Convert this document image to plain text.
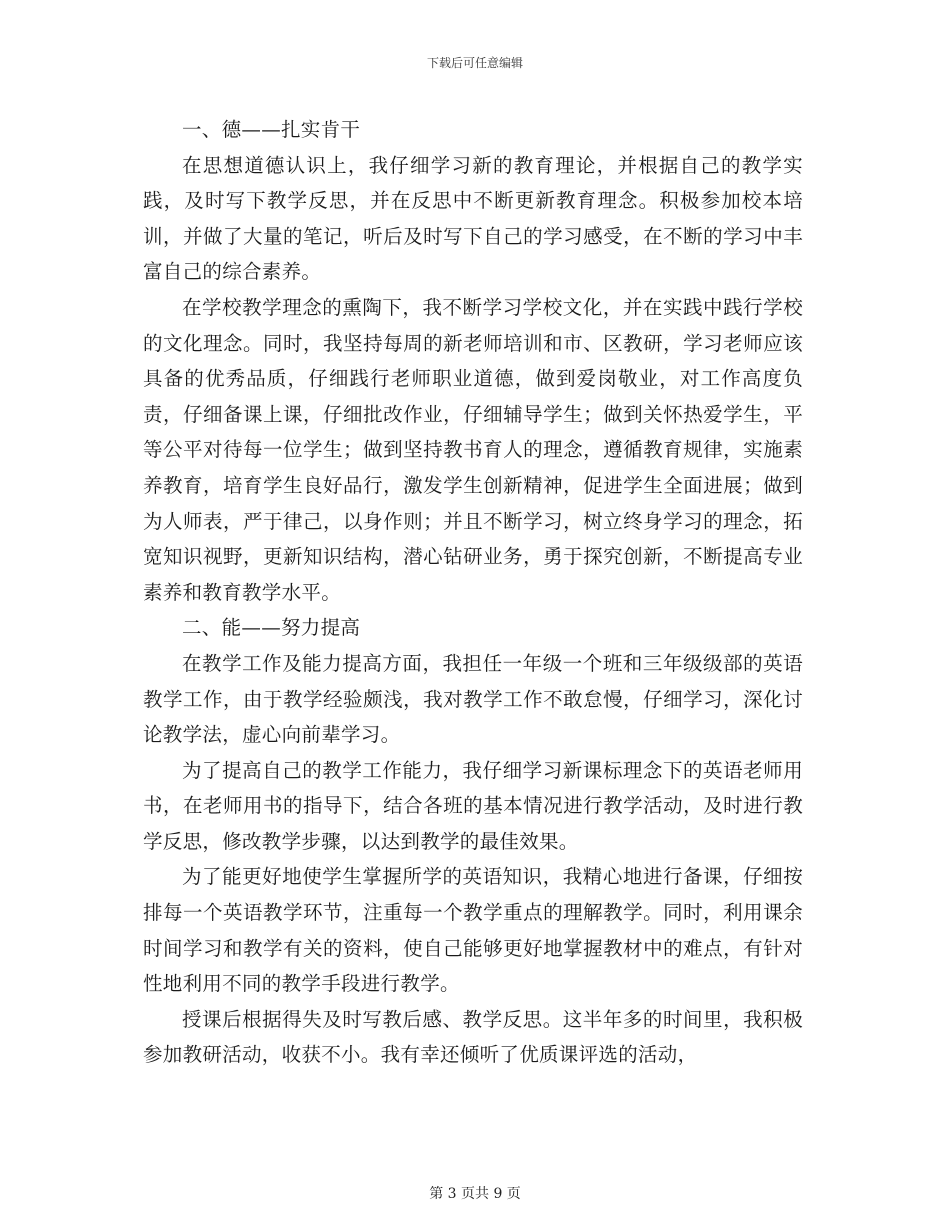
下载后可任意编辑

一、德——扎实肯干

在思想道德认识上，我仔细学习新的教育理论，并根据自己的教学实践，及时写下教学反思，并在反思中不断更新教育理念。积极参加校本培训，并做了大量的笔记，听后及时写下自己的学习感受，在不断的学习中丰富自己的综合素养。

在学校教学理念的熏陶下，我不断学习学校文化，并在实践中践行学校的文化理念。同时，我坚持每周的新老师培训和市、区教研，学习老师应该具备的优秀品质，仔细践行老师职业道德，做到爱岗敬业，对工作高度负责，仔细备课上课，仔细批改作业，仔细辅导学生；做到关怀热爱学生，平等公平对待每一位学生；做到坚持教书育人的理念，遵循教育规律，实施素养教育，培育学生良好品行，激发学生创新精神，促进学生全面进展；做到为人师表，严于律己，以身作则；并且不断学习，树立终身学习的理念，拓宽知识视野，更新知识结构，潜心钻研业务，勇于探究创新，不断提高专业素养和教育教学水平。

二、能——努力提高

在教学工作及能力提高方面，我担任一年级一个班和三年级级部的英语教学工作，由于教学经验颇浅，我对教学工作不敢怠慢，仔细学习，深化讨论教学法，虚心向前辈学习。

为了提高自己的教学工作能力，我仔细学习新课标理念下的英语老师用书，在老师用书的指导下，结合各班的基本情况进行教学活动，及时进行教学反思，修改教学步骤，以达到教学的最佳效果。

为了能更好地使学生掌握所学的英语知识，我精心地进行备课，仔细按排每一个英语教学环节，注重每一个教学重点的理解教学。同时，利用课余时间学习和教学有关的资料，使自己能够更好地掌握教材中的难点，有针对性地利用不同的教学手段进行教学。

授课后根据得失及时写教后感、教学反思。这半年多的时间里，我积极参加教研活动，收获不小。我有幸还倾听了优质课评选的活动，

第 3 页共 9 页
